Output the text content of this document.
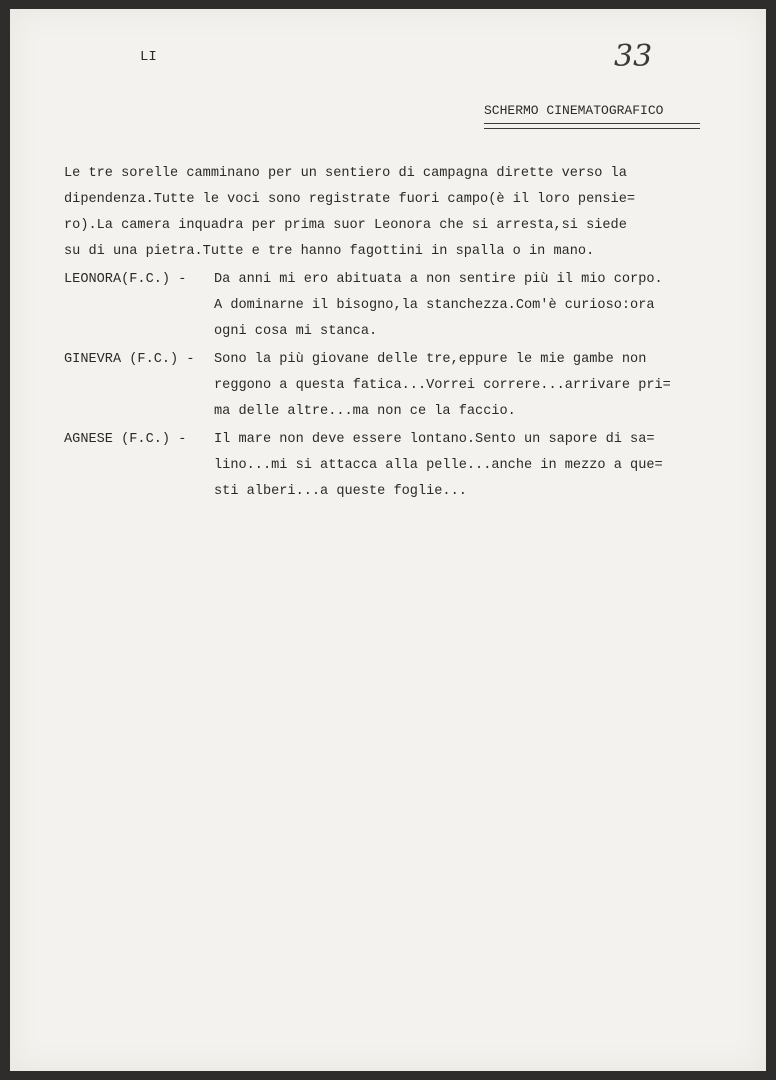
LI	33
SCHERMO CINEMATOGRAFICO
Le tre sorelle camminano per un sentiero di campagna dirette verso la
dipendenza.Tutte le voci sono registrate fuori campo(è il loro pensie=
ro).La camera inquadra per prima suor Leonora che si arresta,si siede
su di una pietra.Tutte e tre hanno fagottini in spalla o in mano.
LEONORA(F.C.) - Da anni mi ero abituata a non sentire più il mio corpo.
A dominarne il bisogno,la stanchezza.Com'è curioso:ora
ogni cosa mi stanca.
GINEVRA (F.C.) - Sono la più giovane delle tre,eppure le mie gambe non
reggono a questa fatica...Vorrei correre...arrivare pri=
ma delle altre...ma non ce la faccio.
AGNESE (F.C.) - Il mare non deve essere lontano.Sento un sapore di sa=
lino...mi si attacca alla pelle...anche in mezzo a que=
sti alberi...a queste foglie...
